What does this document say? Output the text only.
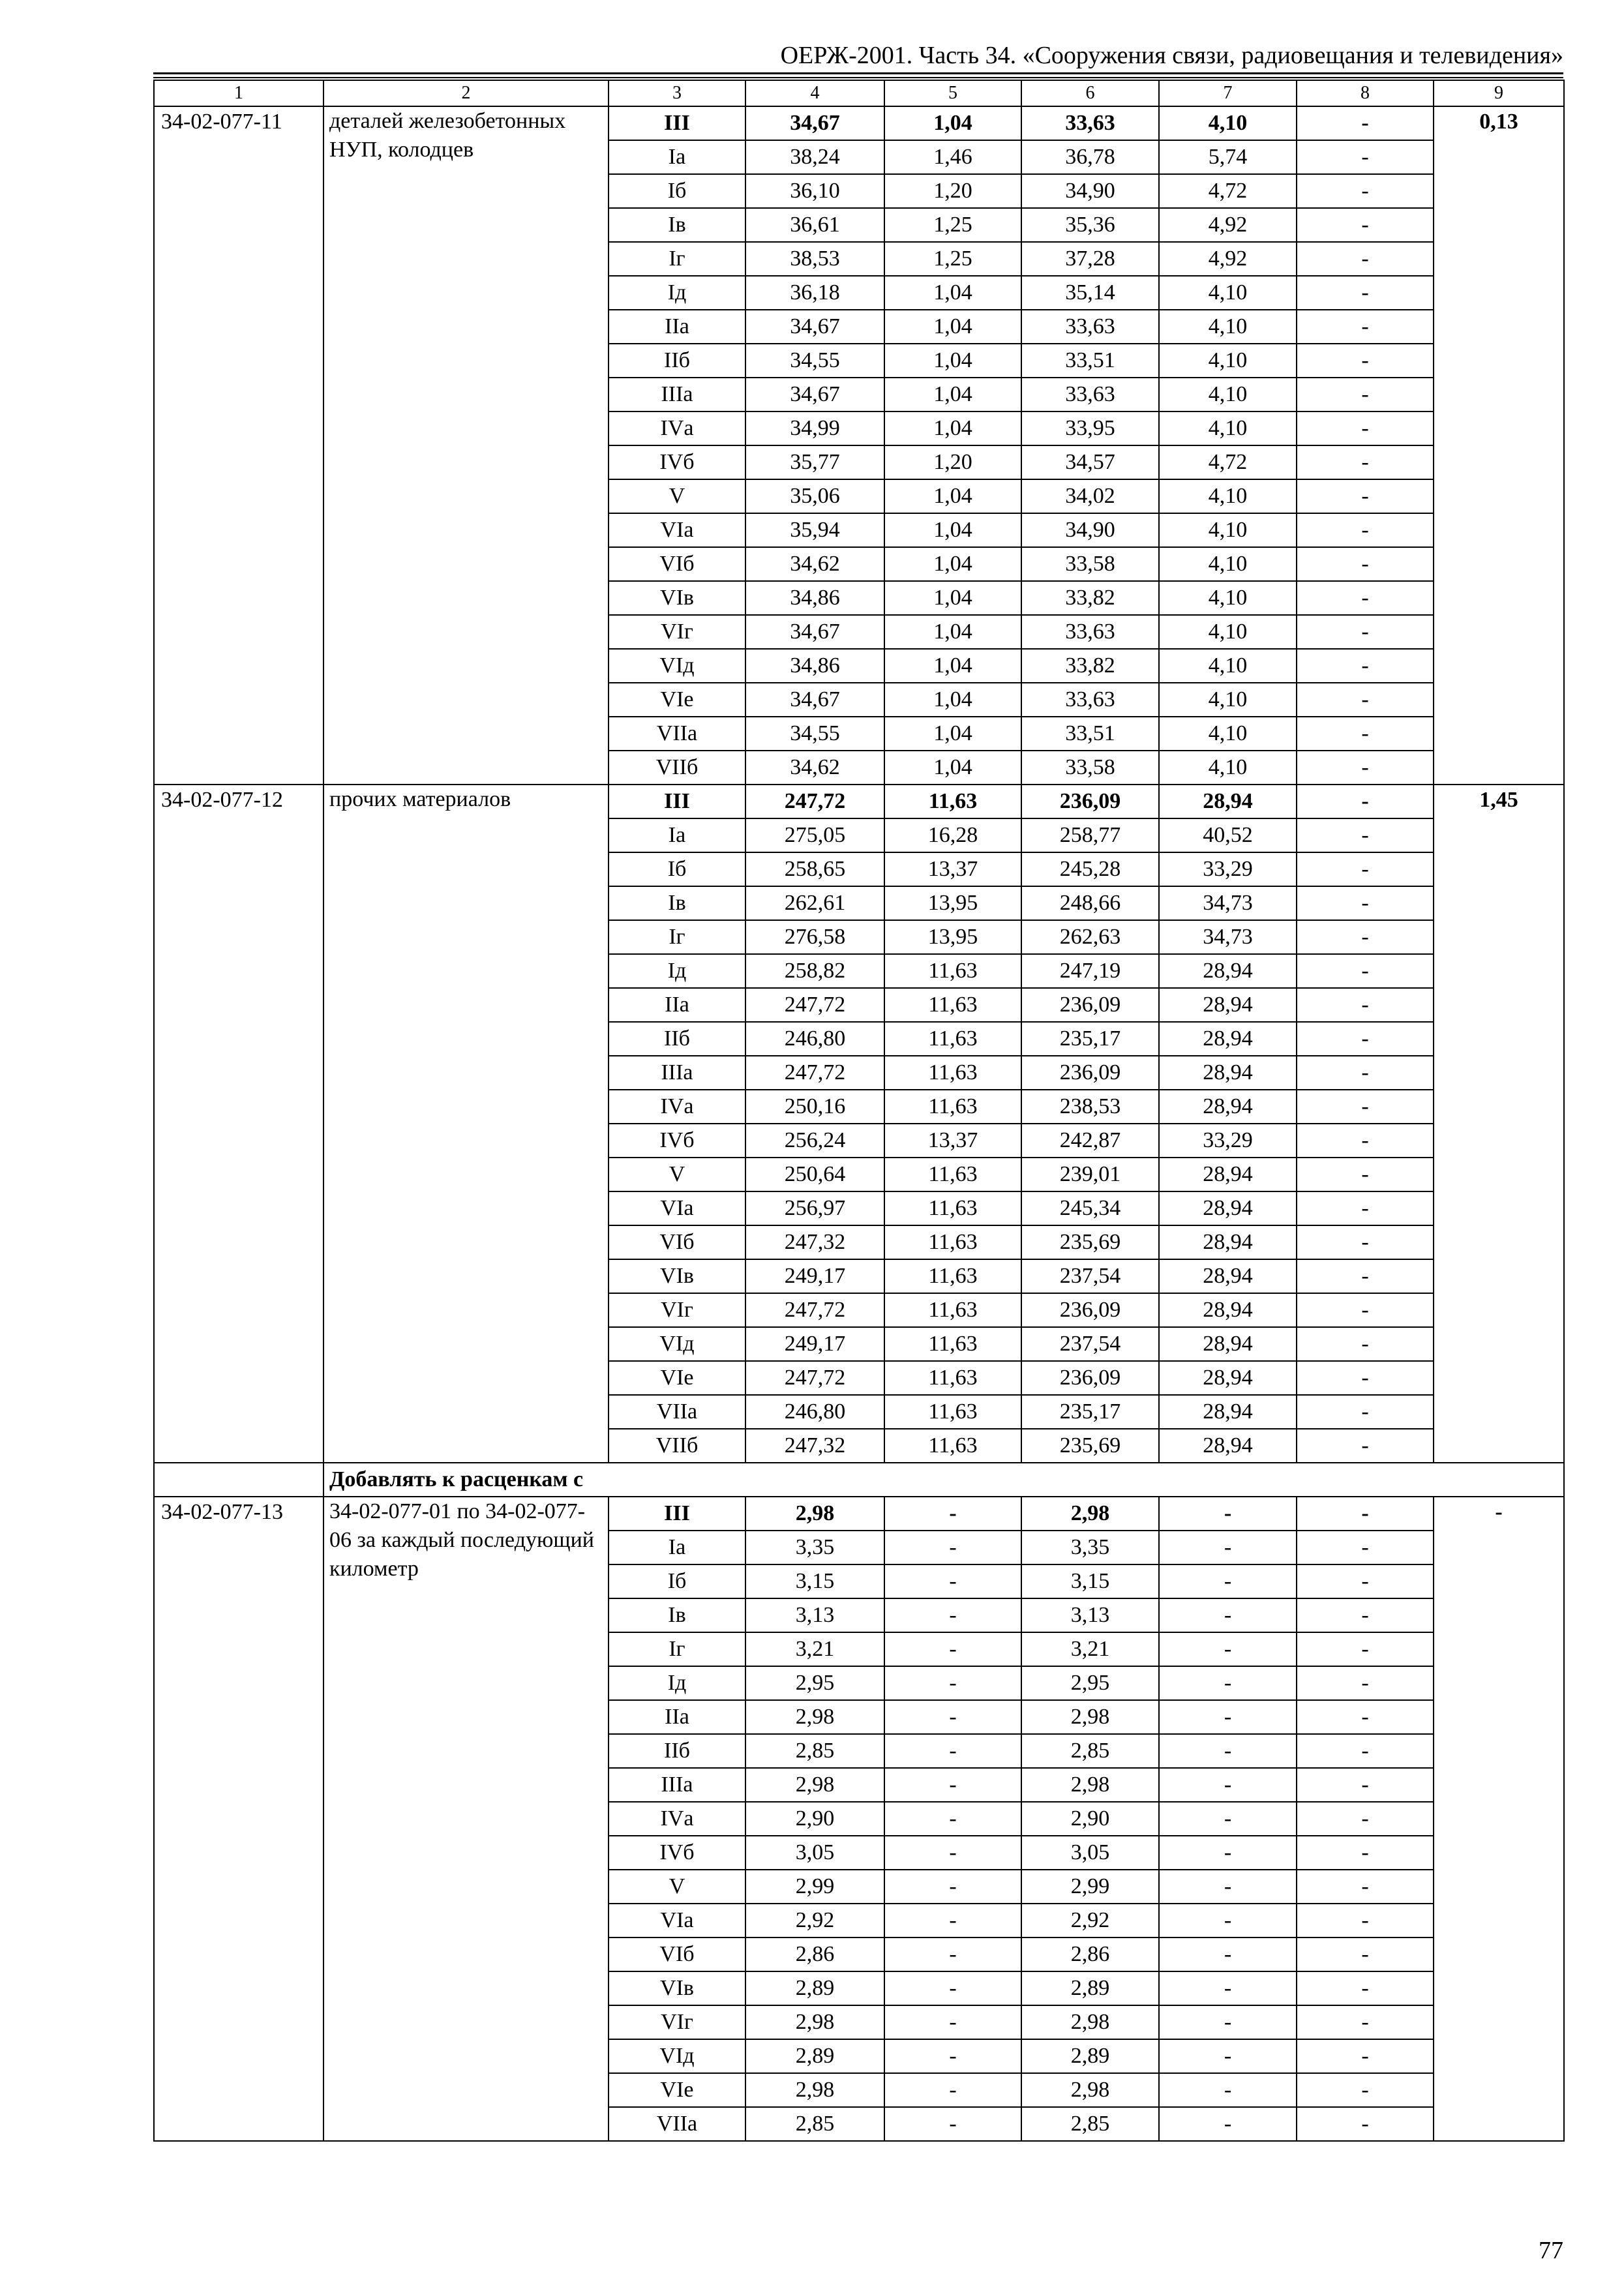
ОЕРЖ-2001. Часть 34. «Сооружения связи, радиовещания и телевидения»
1	2	3	4	5	6	7	8	9
34-02-077-11	деталей железобетонных НУП, колодцев	III	34,67	1,04	33,63	4,10	-	0,13
		Iа	38,24	1,46	36,78	5,74	-	
		Iб	36,10	1,20	34,90	4,72	-	
		Iв	36,61	1,25	35,36	4,92	-	
		Iг	38,53	1,25	37,28	4,92	-	
		Iд	36,18	1,04	35,14	4,10	-	
		IIа	34,67	1,04	33,63	4,10	-	
		IIб	34,55	1,04	33,51	4,10	-	
		IIIа	34,67	1,04	33,63	4,10	-	
		IVа	34,99	1,04	33,95	4,10	-	
		IVб	35,77	1,20	34,57	4,72	-	
		V	35,06	1,04	34,02	4,10	-	
		VIа	35,94	1,04	34,90	4,10	-	
		VIб	34,62	1,04	33,58	4,10	-	
		VIв	34,86	1,04	33,82	4,10	-	
		VIг	34,67	1,04	33,63	4,10	-	
		VIд	34,86	1,04	33,82	4,10	-	
		VIе	34,67	1,04	33,63	4,10	-	
		VIIа	34,55	1,04	33,51	4,10	-	
		VIIб	34,62	1,04	33,58	4,10	-	
34-02-077-12	прочих материалов	III	247,72	11,63	236,09	28,94	-	1,45
		Iа	275,05	16,28	258,77	40,52	-	
		Iб	258,65	13,37	245,28	33,29	-	
		Iв	262,61	13,95	248,66	34,73	-	
		Iг	276,58	13,95	262,63	34,73	-	
		Iд	258,82	11,63	247,19	28,94	-	
		IIа	247,72	11,63	236,09	28,94	-	
		IIб	246,80	11,63	235,17	28,94	-	
		IIIа	247,72	11,63	236,09	28,94	-	
		IVа	250,16	11,63	238,53	28,94	-	
		IVб	256,24	13,37	242,87	33,29	-	
		V	250,64	11,63	239,01	28,94	-	
		VIа	256,97	11,63	245,34	28,94	-	
		VIб	247,32	11,63	235,69	28,94	-	
		VIв	249,17	11,63	237,54	28,94	-	
		VIг	247,72	11,63	236,09	28,94	-	
		VIд	249,17	11,63	237,54	28,94	-	
		VIе	247,72	11,63	236,09	28,94	-	
		VIIа	246,80	11,63	235,17	28,94	-	
		VIIб	247,32	11,63	235,69	28,94	-	
	Добавлять к расценкам с							
34-02-077-13	34-02-077-01 по 34-02-077-06 за каждый последующий километр	III	2,98	-	2,98	-	-	-
		Iа	3,35	-	3,35	-	-	
		Iб	3,15	-	3,15	-	-	
		Iв	3,13	-	3,13	-	-	
		Iг	3,21	-	3,21	-	-	
		Iд	2,95	-	2,95	-	-	
		IIа	2,98	-	2,98	-	-	
		IIб	2,85	-	2,85	-	-	
		IIIа	2,98	-	2,98	-	-	
		IVа	2,90	-	2,90	-	-	
		IVб	3,05	-	3,05	-	-	
		V	2,99	-	2,99	-	-	
		VIа	2,92	-	2,92	-	-	
		VIб	2,86	-	2,86	-	-	
		VIв	2,89	-	2,89	-	-	
		VIг	2,98	-	2,98	-	-	
		VIд	2,89	-	2,89	-	-	
		VIе	2,98	-	2,98	-	-	
		VIIа	2,85	-	2,85	-	-	
77
